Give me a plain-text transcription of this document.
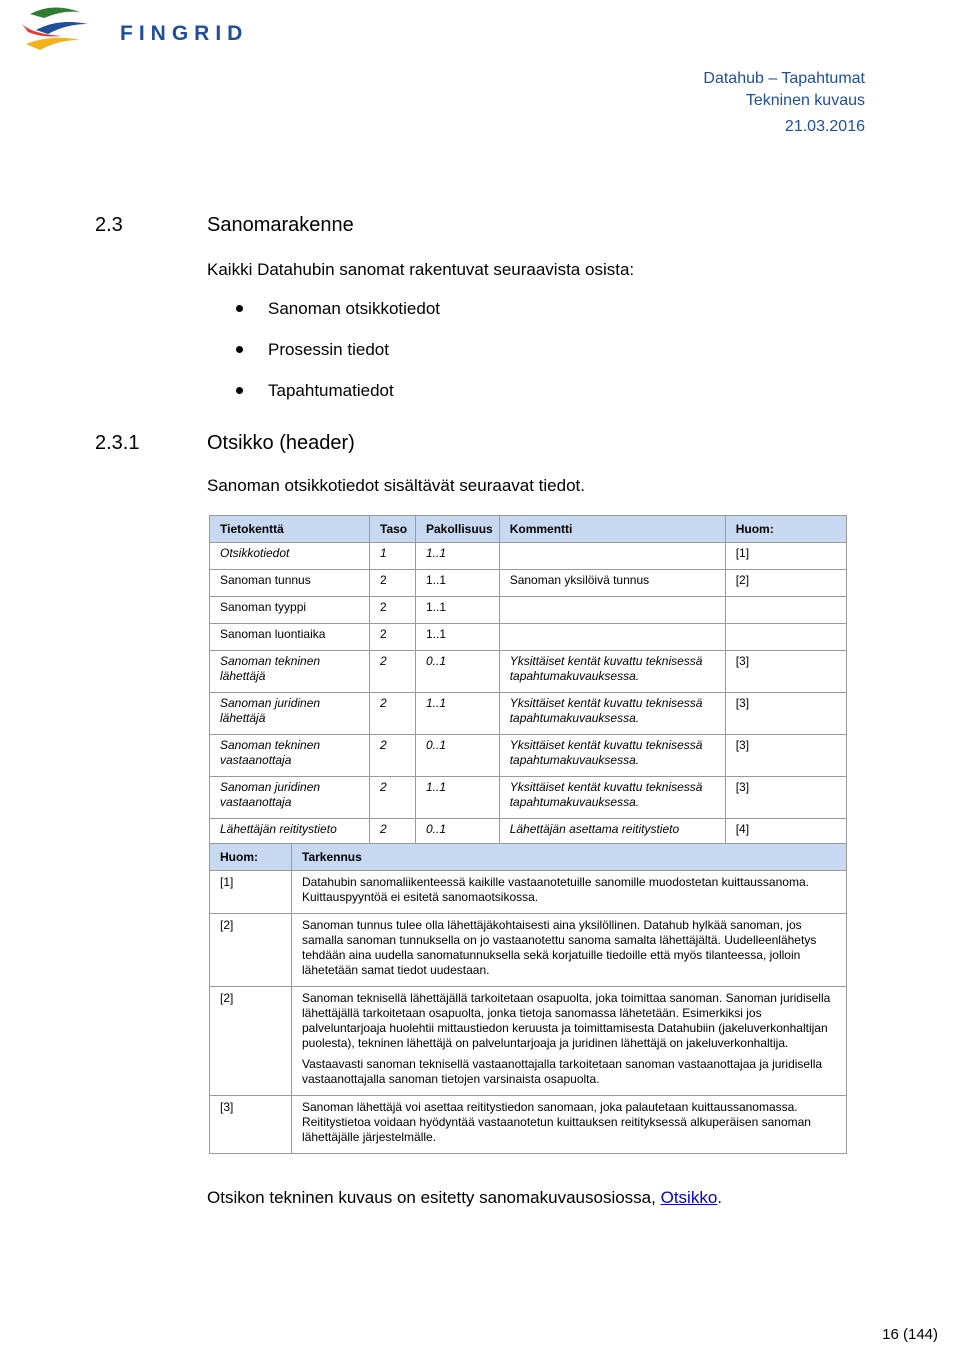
FINGRID
Datahub – Tapahtumat
Tekninen kuvaus
21.03.2016
2.3	Sanomarakenne
Kaikki Datahubin sanomat rakentuvat seuraavista osista:
Sanoman otsikkotiedot
Prosessin tiedot
Tapahtumatiedot
2.3.1	Otsikko (header)
Sanoman otsikkotiedot sisältävät seuraavat tiedot.
Tietokenttä	Taso	Pakollisuus	Kommentti	Huom:
Otsikkotiedot	1	1..1		[1]
Sanoman tunnus	2	1..1	Sanoman yksilöivä tunnus	[2]
Sanoman tyyppi	2	1..1		
Sanoman luontiaika	2	1..1		
Sanoman tekninen lähettäjä	2	0..1	Yksittäiset kentät kuvattu teknisessä tapahtumakuvauksessa.	[3]
Sanoman juridinen lähettäjä	2	1..1	Yksittäiset kentät kuvattu teknisessä tapahtumakuvauksessa.	[3]
Sanoman tekninen vastaanottaja	2	0..1	Yksittäiset kentät kuvattu teknisessä tapahtumakuvauksessa.	[3]
Sanoman juridinen vastaanottaja	2	1..1	Yksittäiset kentät kuvattu teknisessä tapahtumakuvauksessa.	[3]
Lähettäjän reititystieto	2	0..1	Lähettäjän asettama reititystieto	[4]
Huom:	Tarkennus
[1]	Datahubin sanomaliikenteessä kaikille vastaanotetuille sanomille muodostetan kuittaussanoma. Kuittauspyyntöä ei esitetä sanomaotsikossa.
[2]	Sanoman tunnus tulee olla lähettäjäkohtaisesti aina yksilöllinen. Datahub hylkää sanoman, jos samalla sanoman tunnuksella on jo vastaanotettu sanoma samalta lähettäjältä. Uudelleenlähetys tehdään aina uudella sanomatunnuksella sekä korjatuille tiedoille että myös tilanteessa, jolloin lähetetään samat tiedot uudestaan.
[2]	Sanoman teknisellä lähettäjällä tarkoitetaan osapuolta, joka toimittaa sanoman. Sanoman juridisella lähettäjällä tarkoitetaan osapuolta, jonka tietoja sanomassa lähetetään. Esimerkiksi jos palveluntarjoaja huolehtii mittaustiedon keruusta ja toimittamisesta Datahubiin (jakeluverkonhaltijan puolesta), tekninen lähettäjä on palveluntarjoaja ja juridinen lähettäjä on jakeluverkonhaltija.
Vastaavasti sanoman teknisellä vastaanottajalla tarkoitetaan sanoman vastaanottajaa ja juridisella vastaanottajalla sanoman tietojen varsinaista osapuolta.

[3]	Sanoman lähettäjä voi asettaa reititystiedon sanomaan, joka palautetaan kuittaussanomassa. Reititystietoa voidaan hyödyntää vastaanotetun kuittauksen reitityksessä alkuperäisen sanoman lähettäjälle järjestelmälle.
Otsikon tekninen kuvaus on esitetty sanomakuvausosiossa, Otsikko.
16 (144)
